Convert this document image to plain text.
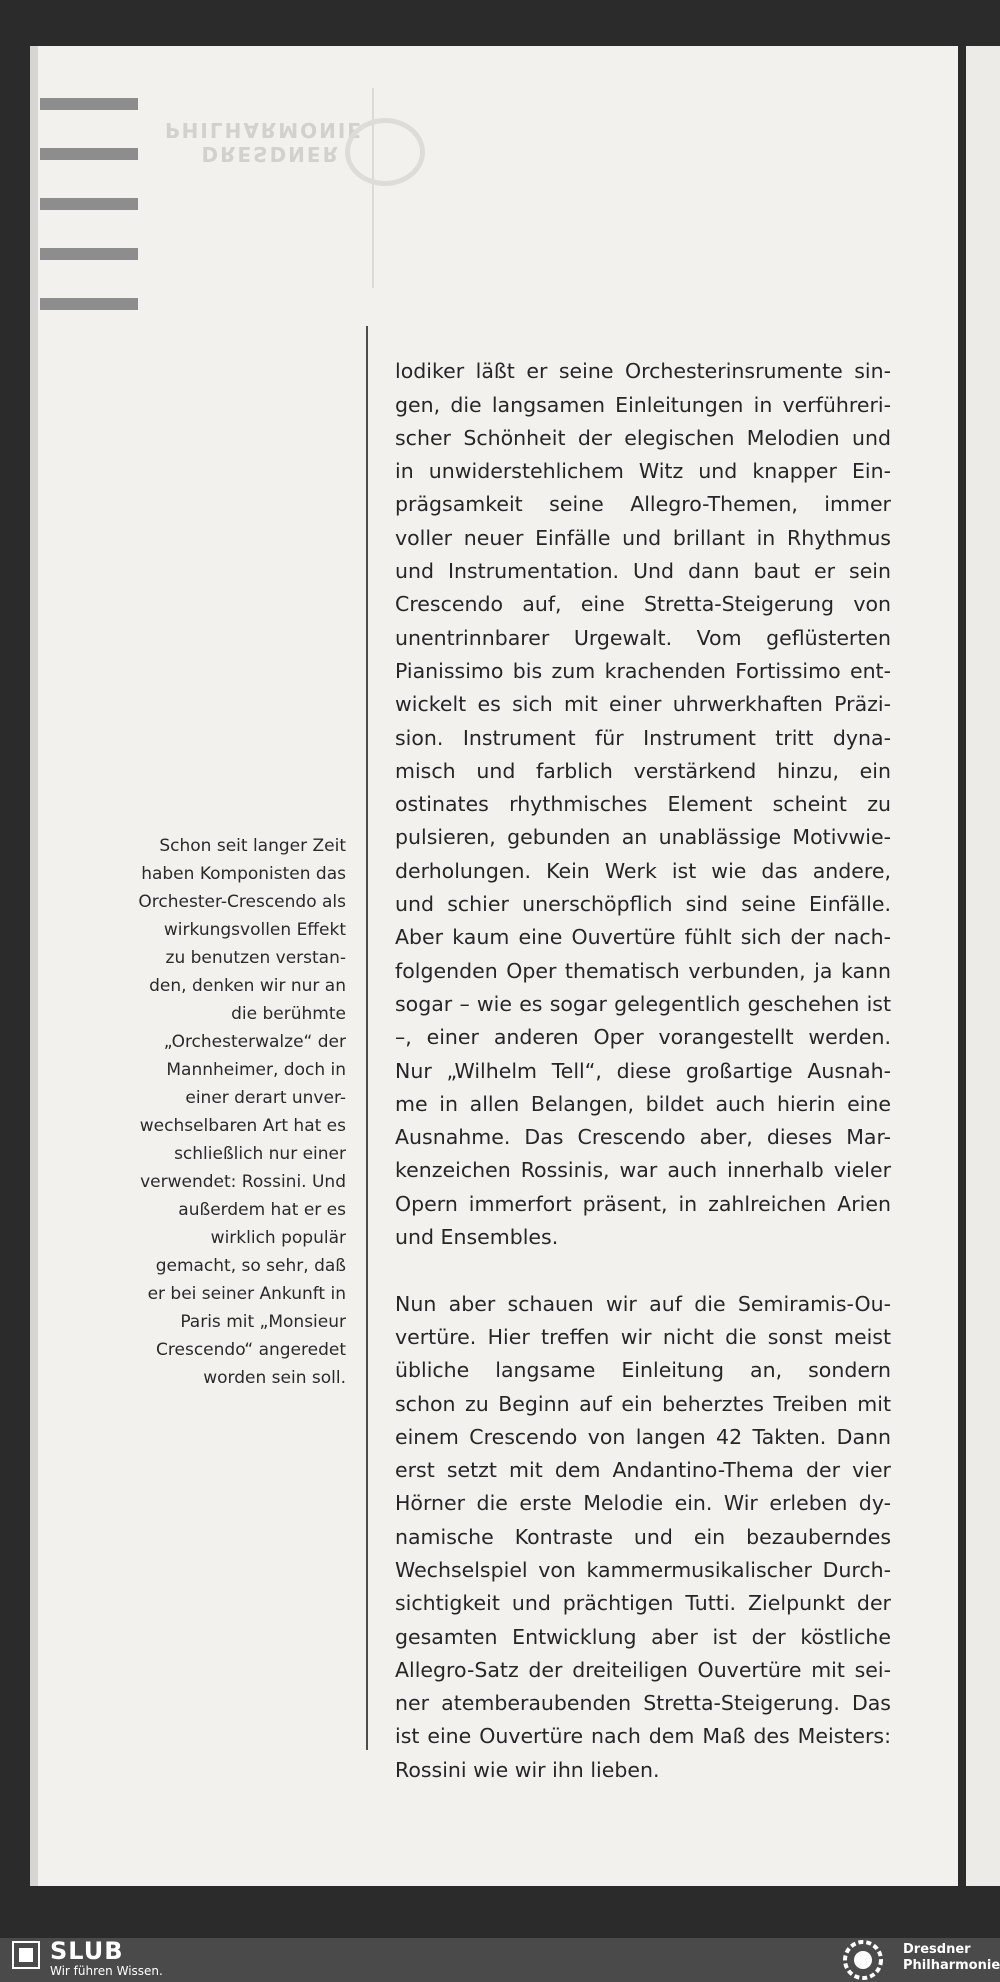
DRESDNER
PHILHARMONIE
Schon seit langer Zeit
haben Komponisten das
Orchester-Crescendo als
wirkungsvollen Effekt
zu benutzen verstan-
den, denken wir nur an
die berühmte
„Orchesterwalze“ der
Mannheimer, doch in
einer derart unver-
wechselbaren Art hat es
schließlich nur einer
verwendet: Rossini. Und
außerdem hat er es
wirklich populär
gemacht, so sehr, daß
er bei seiner Ankunft in
Paris mit „Monsieur
Crescendo“ angeredet
worden sein soll.

lodiker läßt er seine Orchesterinsrumente sin-
gen, die langsamen Einleitungen in verführeri-
scher Schönheit der elegischen Melodien und
in unwiderstehlichem Witz und knapper Ein-
prägsamkeit seine Allegro-Themen, immer
voller neuer Einfälle und brillant in Rhythmus
und Instrumentation. Und dann baut er sein
Crescendo auf, eine Stretta-Steigerung von
unentrinnbarer Urgewalt. Vom geflüsterten
Pianissimo bis zum krachenden Fortissimo ent-
wickelt es sich mit einer uhrwerkhaften Präzi-
sion. Instrument für Instrument tritt dyna-
misch und farblich verstärkend hinzu, ein
ostinates rhythmisches Element scheint zu
pulsieren, gebunden an unablässige Motivwie-
derholungen. Kein Werk ist wie das andere,
und schier unerschöpflich sind seine Einfälle.
Aber kaum eine Ouvertüre fühlt sich der nach-
folgenden Oper thematisch verbunden, ja kann
sogar – wie es sogar gelegentlich geschehen ist
–, einer anderen Oper vorangestellt werden.
Nur „Wilhelm Tell“, diese großartige Ausnah-
me in allen Belangen, bildet auch hierin eine
Ausnahme. Das Crescendo aber, dieses Mar-
kenzeichen Rossinis, war auch innerhalb vieler
Opern immerfort präsent, in zahlreichen Arien

und Ensembles.

Nun aber schauen wir auf die Semiramis-Ou-
vertüre. Hier treffen wir nicht die sonst meist
übliche langsame Einleitung an, sondern
schon zu Beginn auf ein beherztes Treiben mit
einem Crescendo von langen 42 Takten. Dann
erst setzt mit dem Andantino-Thema der vier
Hörner die erste Melodie ein. Wir erleben dy-
namische Kontraste und ein bezauberndes
Wechselspiel von kammermusikalischer Durch-
sichtigkeit und prächtigen Tutti. Zielpunkt der
gesamten Entwicklung aber ist der köstliche
Allegro-Satz der dreiteiligen Ouvertüre mit sei-
ner atemberaubenden Stretta-Steigerung. Das
ist eine Ouvertüre nach dem Maß des Meisters:

Rossini wie wir ihn lieben.

SLUB
Wir führen Wissen.
Dresdner
Philharmonie
